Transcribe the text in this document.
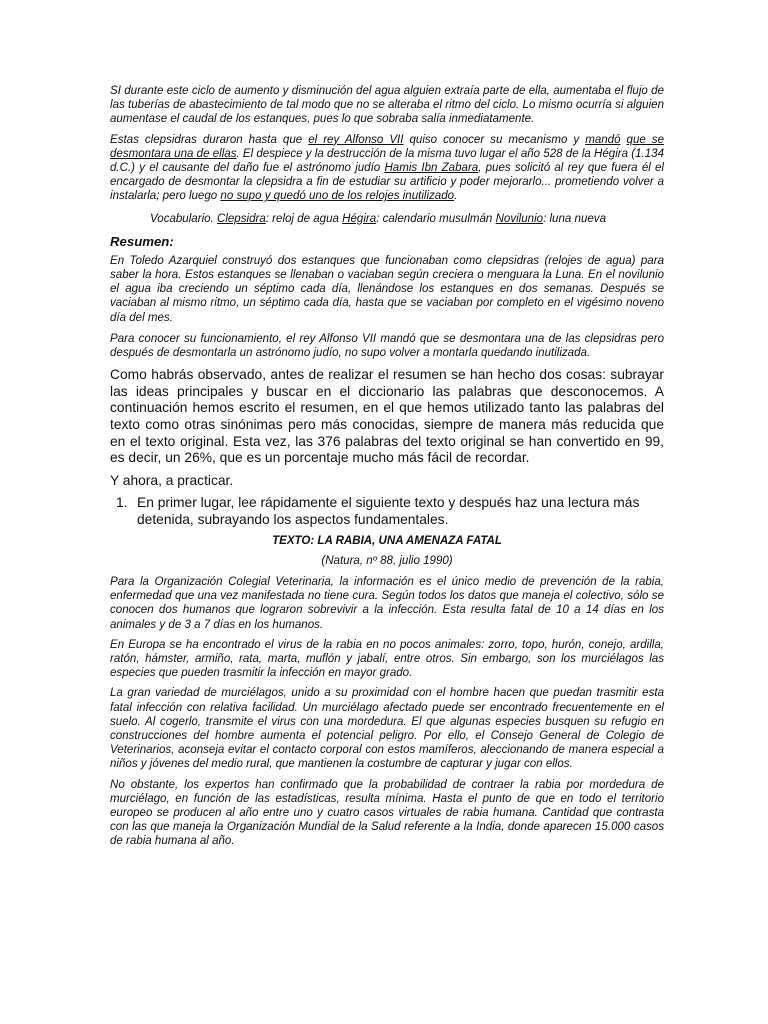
SI durante este ciclo de aumento y disminución del agua alguien extraía parte de ella, aumentaba el flujo de las tuberías de abastecimiento de tal modo que no se alteraba el ritmo del ciclo. Lo mismo ocurría si alguien aumentase el caudal de los estanques, pues lo que sobraba salía inmediatamente.

Estas clepsidras duraron hasta que el rey Alfonso VII quiso conocer su mecanismo y mandó que se desmontara una de ellas. El despiece y la destrucción de la misma tuvo lugar el año 528 de la Hégira (1.134 d.C.) y el causante del daño fue el astrónomo judío Hamis Ibn Zabara, pues solicitó al rey que fuera él el encargado de desmontar la clepsidra a fin de estudiar su artificio y poder mejorarlo... prometiendo volver a instalarla; pero luego no supo y quedó uno de los relojes inutilizado.

Vocabulario. Clepsidra: reloj de agua Hégira: calendario musulmán Novilunio: luna nueva

Resumen:

En Toledo Azarquiel construyó dos estanques que funcionaban como clepsidras (relojes de agua) para saber la hora. Estos estanques se llenaban o vaciaban según creciera o menguara la Luna. En el novilunio el agua iba creciendo un séptimo cada día, llenándose los estanques en dos semanas. Después se vaciaban al mismo ritmo, un séptimo cada día, hasta que se vaciaban por completo en el vigésimo noveno día del mes.

Para conocer su funcionamiento, el rey Alfonso VII mandó que se desmontara una de las clepsidras pero después de desmontarla un astrónomo judío, no supo volver a montarla quedando inutilizada.

Como habrás observado, antes de realizar el resumen se han hecho dos cosas: subrayar las ideas principales y buscar en el diccionario las palabras que desconocemos. A continuación hemos escrito el resumen, en el que hemos utilizado tanto las palabras del texto como otras sinónimas pero más conocidas, siempre de manera más reducida que en el texto original. Esta vez, las 376 palabras del texto original se han convertido en 99, es decir, un 26%, que es un porcentaje mucho más fácil de recordar.

Y ahora, a practicar.

1. En primer lugar, lee rápidamente el siguiente texto y después haz una lectura más detenida, subrayando los aspectos fundamentales.

TEXTO: LA RABIA, UNA AMENAZA FATAL

(Natura, nº 88, julio 1990)

Para la Organización Colegial Veterinaria, la información es el único medio de prevención de la rabia, enfermedad que una vez manifestada no tiene cura. Según todos los datos que maneja el colectivo, sólo se conocen dos humanos que lograron sobrevivir a la infección. Esta resulta fatal de 10 a 14 días en los animales y de 3 a 7 días en los humanos.

En Europa se ha encontrado el virus de la rabia en no pocos animales: zorro, topo, hurón, conejo, ardilla, ratón, hámster, armiño, rata, marta, muflón y jabalí, entre otros. Sin embargo, son los murciélagos las especies que pueden trasmitir la infección en mayor grado.

La gran variedad de murciélagos, unido a su proximidad con el hombre hacen que puedan trasmitir esta fatal infección con relativa facilidad. Un murciélago afectado puede ser encontrado frecuentemente en el suelo. Al cogerlo, transmite el virus con una mordedura. El que algunas especies busquen su refugio en construcciones del hombre aumenta el potencial peligro. Por ello, el Consejo General de Colegio de Veterinarios, aconseja evitar el contacto corporal con estos mamíferos, aleccionando de manera especial a niños y jóvenes del medio rural, que mantienen la costumbre de capturar y jugar con ellos.

No obstante, los expertos han confirmado que la probabilidad de contraer la rabia por mordedura de murciélago, en función de las estadísticas, resulta mínima. Hasta el punto de que en todo el territorio europeo se producen al año entre uno y cuatro casos virtuales de rabia humana. Cantidad que contrasta con las que maneja la Organización Mundial de la Salud referente a la India, donde aparecen 15.000 casos de rabia humana al año.
